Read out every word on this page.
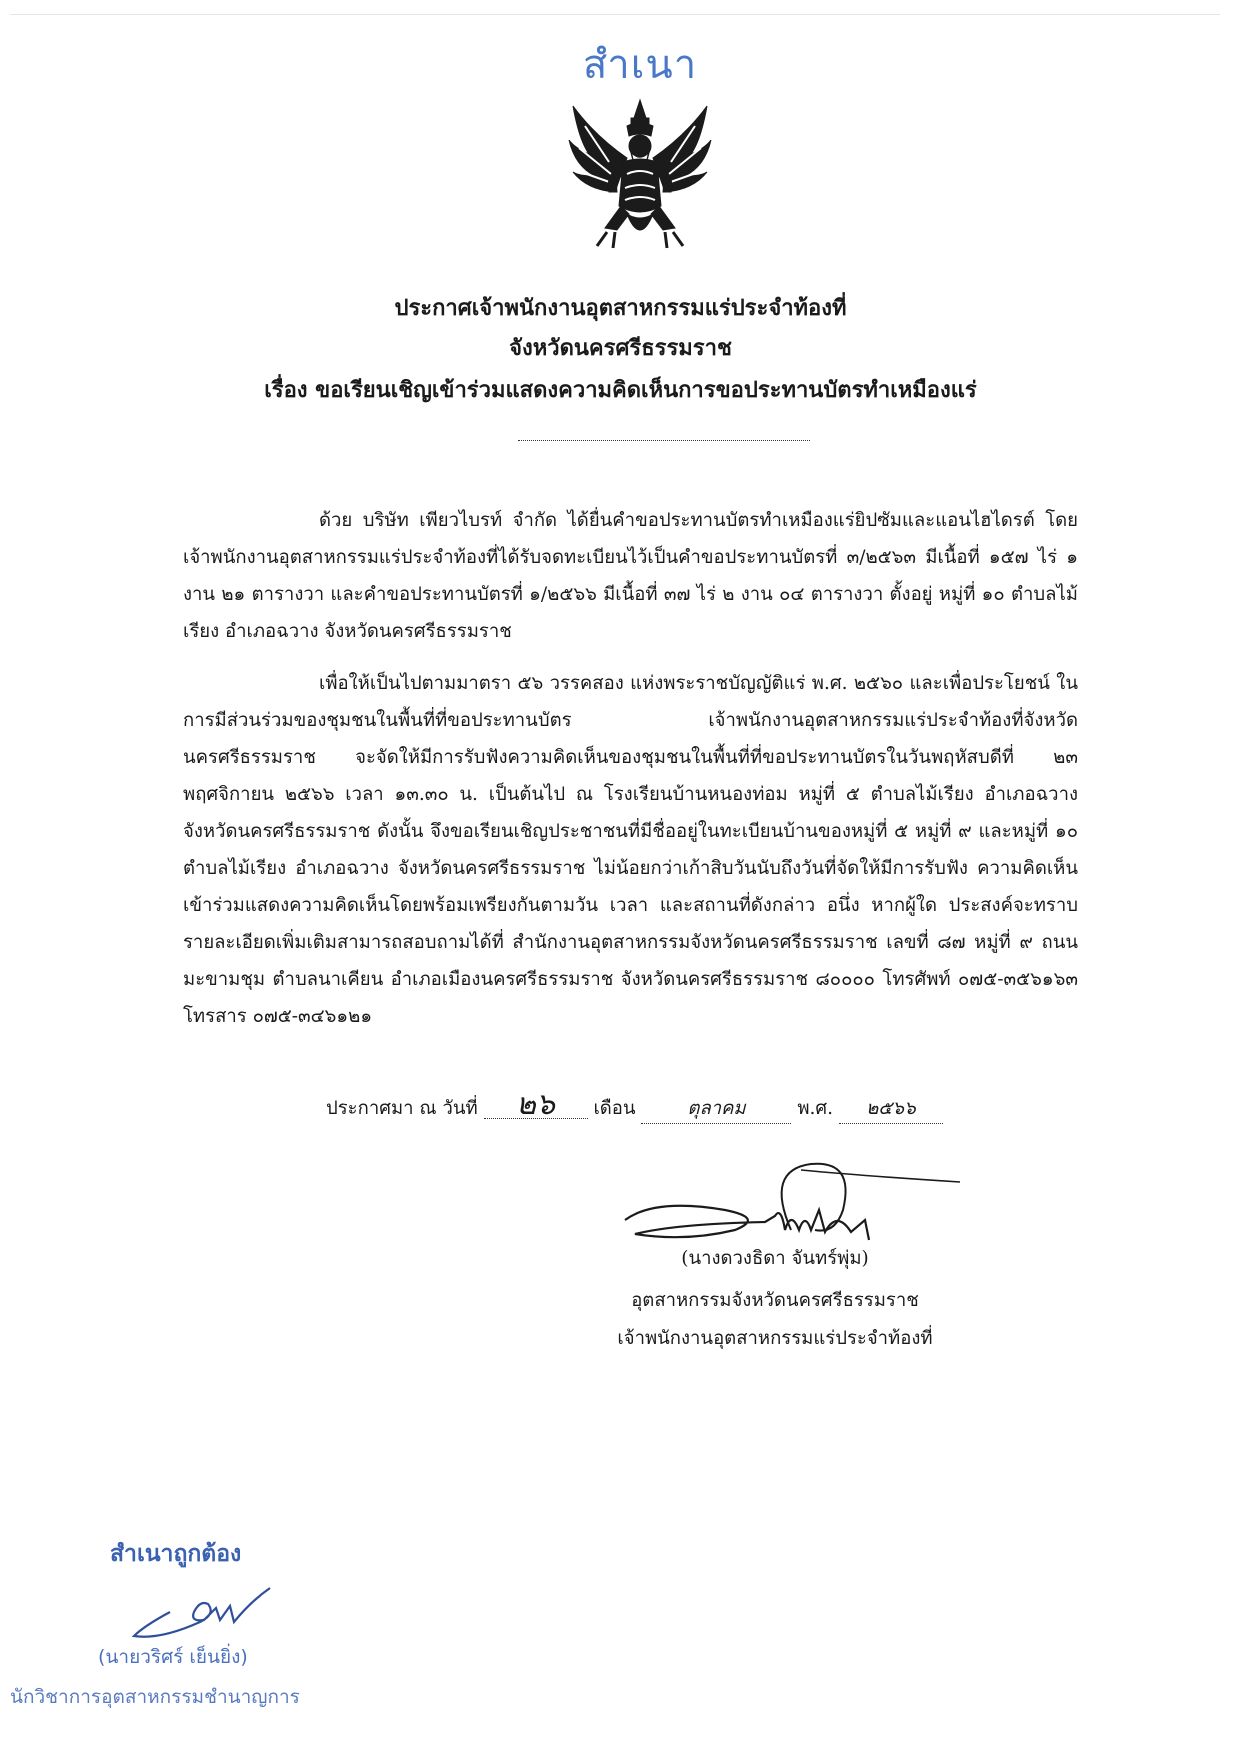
สำเนา
ประกาศเจ้าพนักงานอุตสาหกรรมแร่ประจำท้องที่
จังหวัดนครศรีธรรมราช
เรื่อง ขอเรียนเชิญเข้าร่วมแสดงความคิดเห็นการขอประทานบัตรทำเหมืองแร่

ด้วย บริษัท เพียวไบรท์ จำกัด ได้ยื่นคำขอประทานบัตรทำเหมืองแร่ยิปซัมและแอนไฮไดรต์ โดยเจ้าพนักงานอุตสาหกรรมแร่ประจำท้องที่ได้รับจดทะเบียนไว้เป็นคำขอประทานบัตรที่ ๓/๒๕๖๓ มีเนื้อที่ ๑๕๗ ไร่ ๑ งาน ๒๑ ตารางวา และคำขอประทานบัตรที่ ๑/๒๕๖๖ มีเนื้อที่ ๓๗ ไร่ ๒ งาน ๐๔ ตารางวา ตั้งอยู่ หมู่ที่ ๑๐ ตำบลไม้เรียง อำเภอฉวาง จังหวัดนครศรีธรรมราช

เพื่อให้เป็นไปตามมาตรา ๕๖ วรรคสอง แห่งพระราชบัญญัติแร่ พ.ศ. ๒๕๖๐ และเพื่อประโยชน์ ในการมีส่วนร่วมของชุมชนในพื้นที่ที่ขอประทานบัตร เจ้าพนักงานอุตสาหกรรมแร่ประจำท้องที่จังหวัด นครศรีธรรมราช จะจัดให้มีการรับฟังความคิดเห็นของชุมชนในพื้นที่ที่ขอประทานบัตรในวันพฤหัสบดีที่ ๒๓ พฤศจิกายน ๒๕๖๖ เวลา ๑๓.๓๐ น. เป็นต้นไป ณ โรงเรียนบ้านหนองท่อม หมู่ที่ ๕ ตำบลไม้เรียง อำเภอฉวาง จังหวัดนครศรีธรรมราช ดังนั้น จึงขอเรียนเชิญประชาชนที่มีชื่ออยู่ในทะเบียนบ้านของหมู่ที่ ๕ หมู่ที่ ๙ และหมู่ที่ ๑๐ ตำบลไม้เรียง อำเภอฉวาง จังหวัดนครศรีธรรมราช ไม่น้อยกว่าเก้าสิบวันนับถึงวันที่จัดให้มีการรับฟัง ความคิดเห็น เข้าร่วมแสดงความคิดเห็นโดยพร้อมเพรียงกันตามวัน เวลา และสถานที่ดังกล่าว อนึ่ง หากผู้ใด ประสงค์จะทราบรายละเอียดเพิ่มเติมสามารถสอบถามได้ที่ สำนักงานอุตสาหกรรมจังหวัดนครศรีธรรมราช เลขที่ ๘๗ หมู่ที่ ๙ ถนนมะขามชุม ตำบลนาเคียน อำเภอเมืองนครศรีธรรมราช จังหวัดนครศรีธรรมราช ๘๐๐๐๐ โทรศัพท์ ๐๗๕-๓๕๖๑๖๓ โทรสาร ๐๗๕-๓๔๖๑๒๑

ประกาศมา ณ วันที่ ๒๖ เดือน	ตุลาคม	พ.ศ. ๒๕๖๖
(นางดวงธิดา จันทร์พุ่ม)
อุตสาหกรรมจังหวัดนครศรีธรรมราช
เจ้าพนักงานอุตสาหกรรมแร่ประจำท้องที่
สำเนาถูกต้อง
(นายวริศร์ เย็นยิ่ง)
นักวิชาการอุตสาหกรรมชำนาญการ
